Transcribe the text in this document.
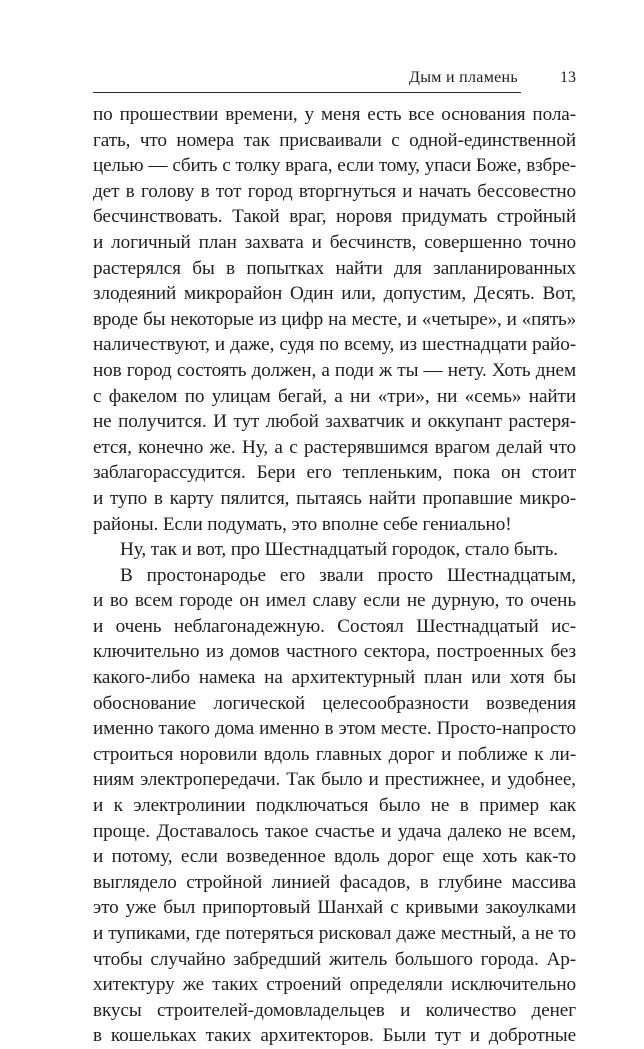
Дым и пламень	13

по прошествии времени, у меня есть все основания пола-
гать, что номера так присваивали с одной-единственной
целью — сбить с толку врага, если тому, упаси Боже, взбре-
дет в голову в тот город вторгнуться и начать бессовестно
бесчинствовать. Такой враг, норовя придумать стройный
и логичный план захвата и бесчинств, совершенно точно
растерялся бы в попытках найти для запланированных
злодеяний микрорайон Один или, допустим, Десять. Вот,
вроде бы некоторые из цифр на месте, и «четыре», и «пять»
наличествуют, и даже, судя по всему, из шестнадцати райо-
нов город состоять должен, а поди ж ты — нету. Хоть днем
с факелом по улицам бегай, а ни «три», ни «семь» найти
не получится. И тут любой захватчик и оккупант растеря-
ется, конечно же. Ну, а с растерявшимся врагом делай что
заблагорассудится. Бери его тепленьким, пока он стоит
и тупо в карту пялится, пытаясь найти пропавшие микро-
районы. Если подумать, это вполне себе гениально!

Ну, так и вот, про Шестнадцатый городок, стало быть.

В простонародье его звали просто Шестнадцатым,
и во всем городе он имел славу если не дурную, то очень
и очень неблагонадежную. Состоял Шестнадцатый ис-
ключительно из домов частного сектора, построенных без
какого-либо намека на архитектурный план или хотя бы
обоснование логической целесообразности возведения
именно такого дома именно в этом месте. Просто-напросто
строиться норовили вдоль главных дорог и поближе к ли-
ниям электропередачи. Так было и престижнее, и удобнее,
и к электролинии подключаться было не в пример как
проще. Доставалось такое счастье и удача далеко не всем,
и потому, если возведенное вдоль дорог еще хоть как-то
выглядело стройной линией фасадов, в глубине массива
это уже был припортовый Шанхай с кривыми закоулками
и тупиками, где потеряться рисковал даже местный, а не то
чтобы случайно забредший житель большого города. Ар-
хитектуру же таких строений определяли исключительно
вкусы строителей-домовладельцев и количество денег
в кошельках таких архитекторов. Были тут и добротные
